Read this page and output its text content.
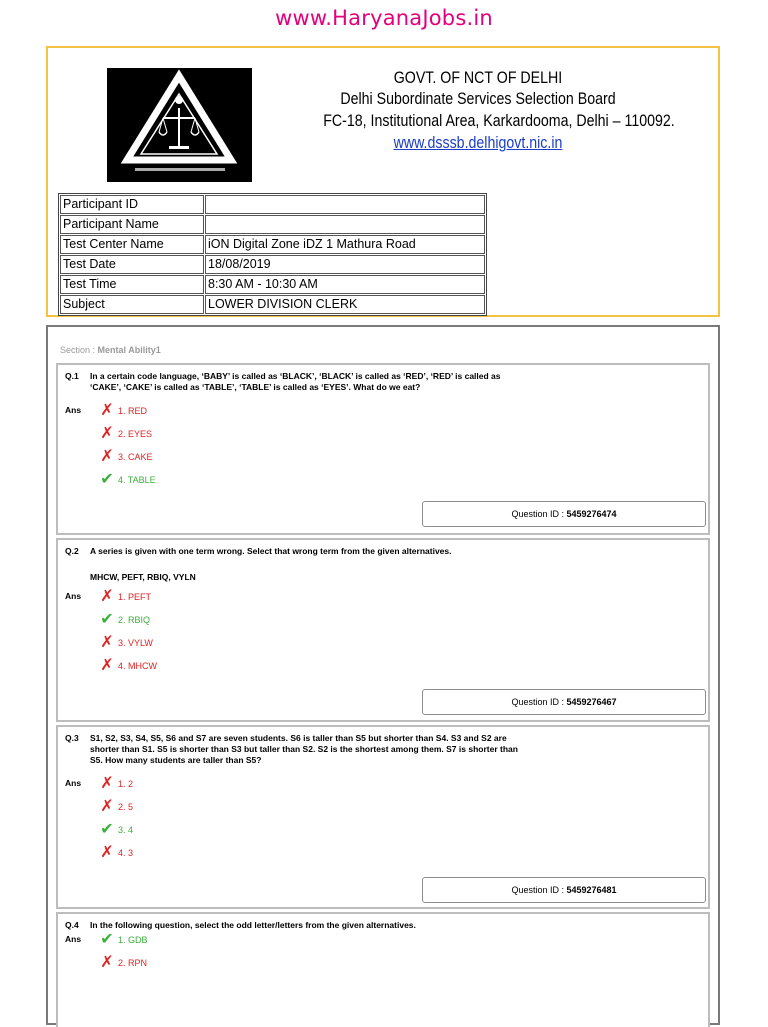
www.HaryanaJobs.in
GOVT. OF NCT OF DELHI
Delhi Subordinate Services Selection Board
FC-18, Institutional Area, Karkardooma, Delhi – 110092.
www.dsssb.delhigovt.nic.in
Participant ID	
Participant Name	
Test Center Name	iON Digital Zone iDZ 1 Mathura Road
Test Date	18/08/2019
Test Time	8:30 AM - 10:30 AM
Subject	LOWER DIVISION CLERK
Section : Mental Ability1
Q.1 In a certain code language, ‘BABY’ is called as ‘BLACK’, ‘BLACK’ is called as ‘RED’, ‘RED’ is called as ‘CAKE’, ‘CAKE’ is called as ‘TABLE’, ‘TABLE’ is called as ‘EYES’. What do we eat?
Ans ✗ 1. RED
✗ 2. EYES
✗ 3. CAKE
✔ 4. TABLE
Question ID : 5459276474
Q.2 A series is given with one term wrong. Select that wrong term from the given alternatives.
MHCW, PEFT, RBIQ, VYLN
Ans ✗ 1. PEFT
✔ 2. RBIQ
✗ 3. VYLW
✗ 4. MHCW
Question ID : 5459276467
Q.3 S1, S2, S3, S4, S5, S6 and S7 are seven students. S6 is taller than S5 but shorter than S4. S3 and S2 are shorter than S1. S5 is shorter than S3 but taller than S2. S2 is the shortest among them. S7 is shorter than S5. How many students are taller than S5?
Ans ✗ 1. 2
✗ 2. 5
✔ 3. 4
✗ 4. 3
Question ID : 5459276481
Q.4 In the following question, select the odd letter/letters from the given alternatives.
Ans ✔ 1. GDB
✗ 2. RPN
